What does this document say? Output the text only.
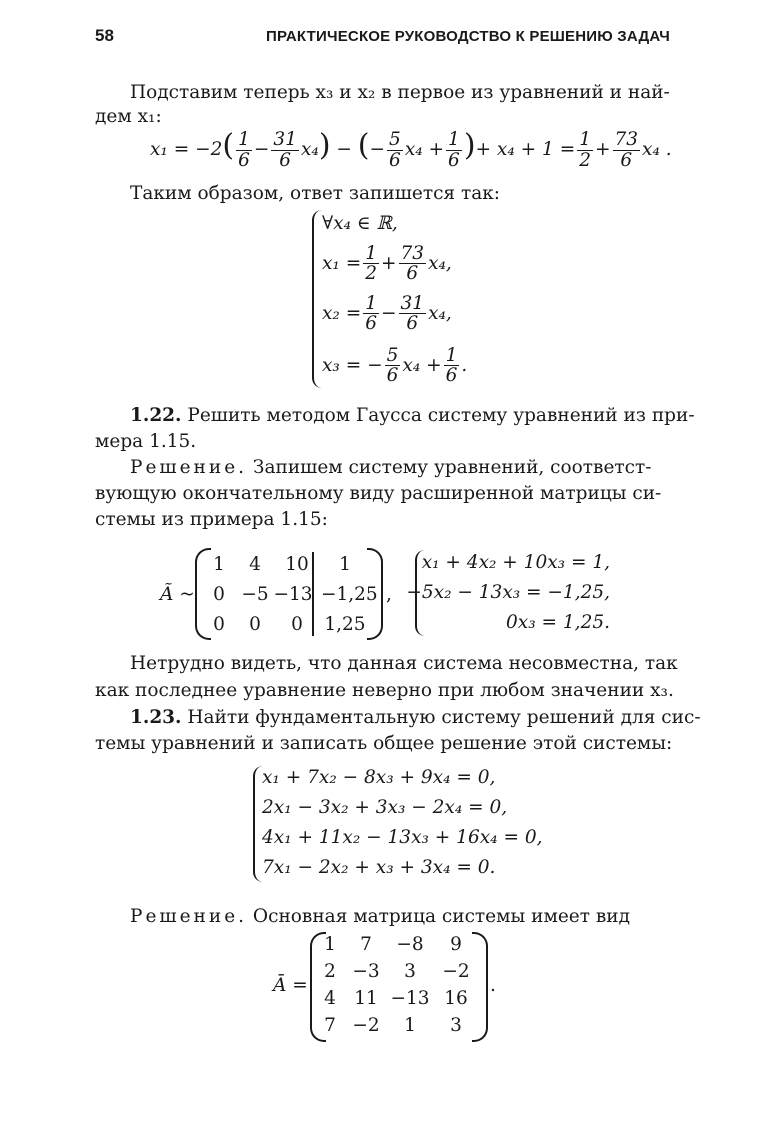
58	ПРАКТИЧЕСКОЕ РУКОВОДСТВО К РЕШЕНИЮ ЗАДАЧ
Подставим теперь x₃ и x₂ в первое из уравнений и най-
дем x₁:
$x_1 = -2( \frac{1}{6} - \frac{31}{6} x_4)$ − (− $\frac{5}{6} x_4 + \frac{1}{6}$ )+ $x_4 + 1 = \frac{1}{2} + \frac{73}{6} x_4$ .
Таким образом, ответ запишется так:
∀x₄ ∈ ℝ,
$x_1 = \frac{1}{2} + \frac{73}{6} x_4$,
$x_2 = \frac{1}{6} - \frac{31}{6} x_4$,
x₃ = − $\frac{5}{6} x_4 + \frac{1}{6}$ .
1.22. Решить методом Гаусса систему уравнений из при-
мера 1.15.
Решение. Запишем систему уравнений, соответст-
вующую окончательному виду расширенной матрицы си-
стемы из примера 1.15:
Ã ~
1	4	10	1
0 −5 −13 −1,25
0	0	0	1,25
,
x₁ + 4x₂ + 10x₃ = 1,
−5x₂ − 13x₃ = −1,25,
0x₃ = 1,25.
Нетрудно видеть, что данная система несовместна, так
как последнее уравнение неверно при любом значении x₃.
1.23. Найти фундаментальную систему решений для сис-
темы уравнений и записать общее решение этой системы:
x₁ + 7x₂ − 8x₃ + 9x₄ = 0,
2x₁ − 3x₂ + 3x₃ − 2x₄ = 0,
4x₁ + 11x₂ − 13x₃ + 16x₄ = 0,
7x₁ − 2x₂ + x₃ + 3x₄ = 0.
Решение. Основная матрица системы имеет вид
Ā =
1	7	−8	9
2 −3	3	−2
4 11 −13 16
7 −2	1	3
.
